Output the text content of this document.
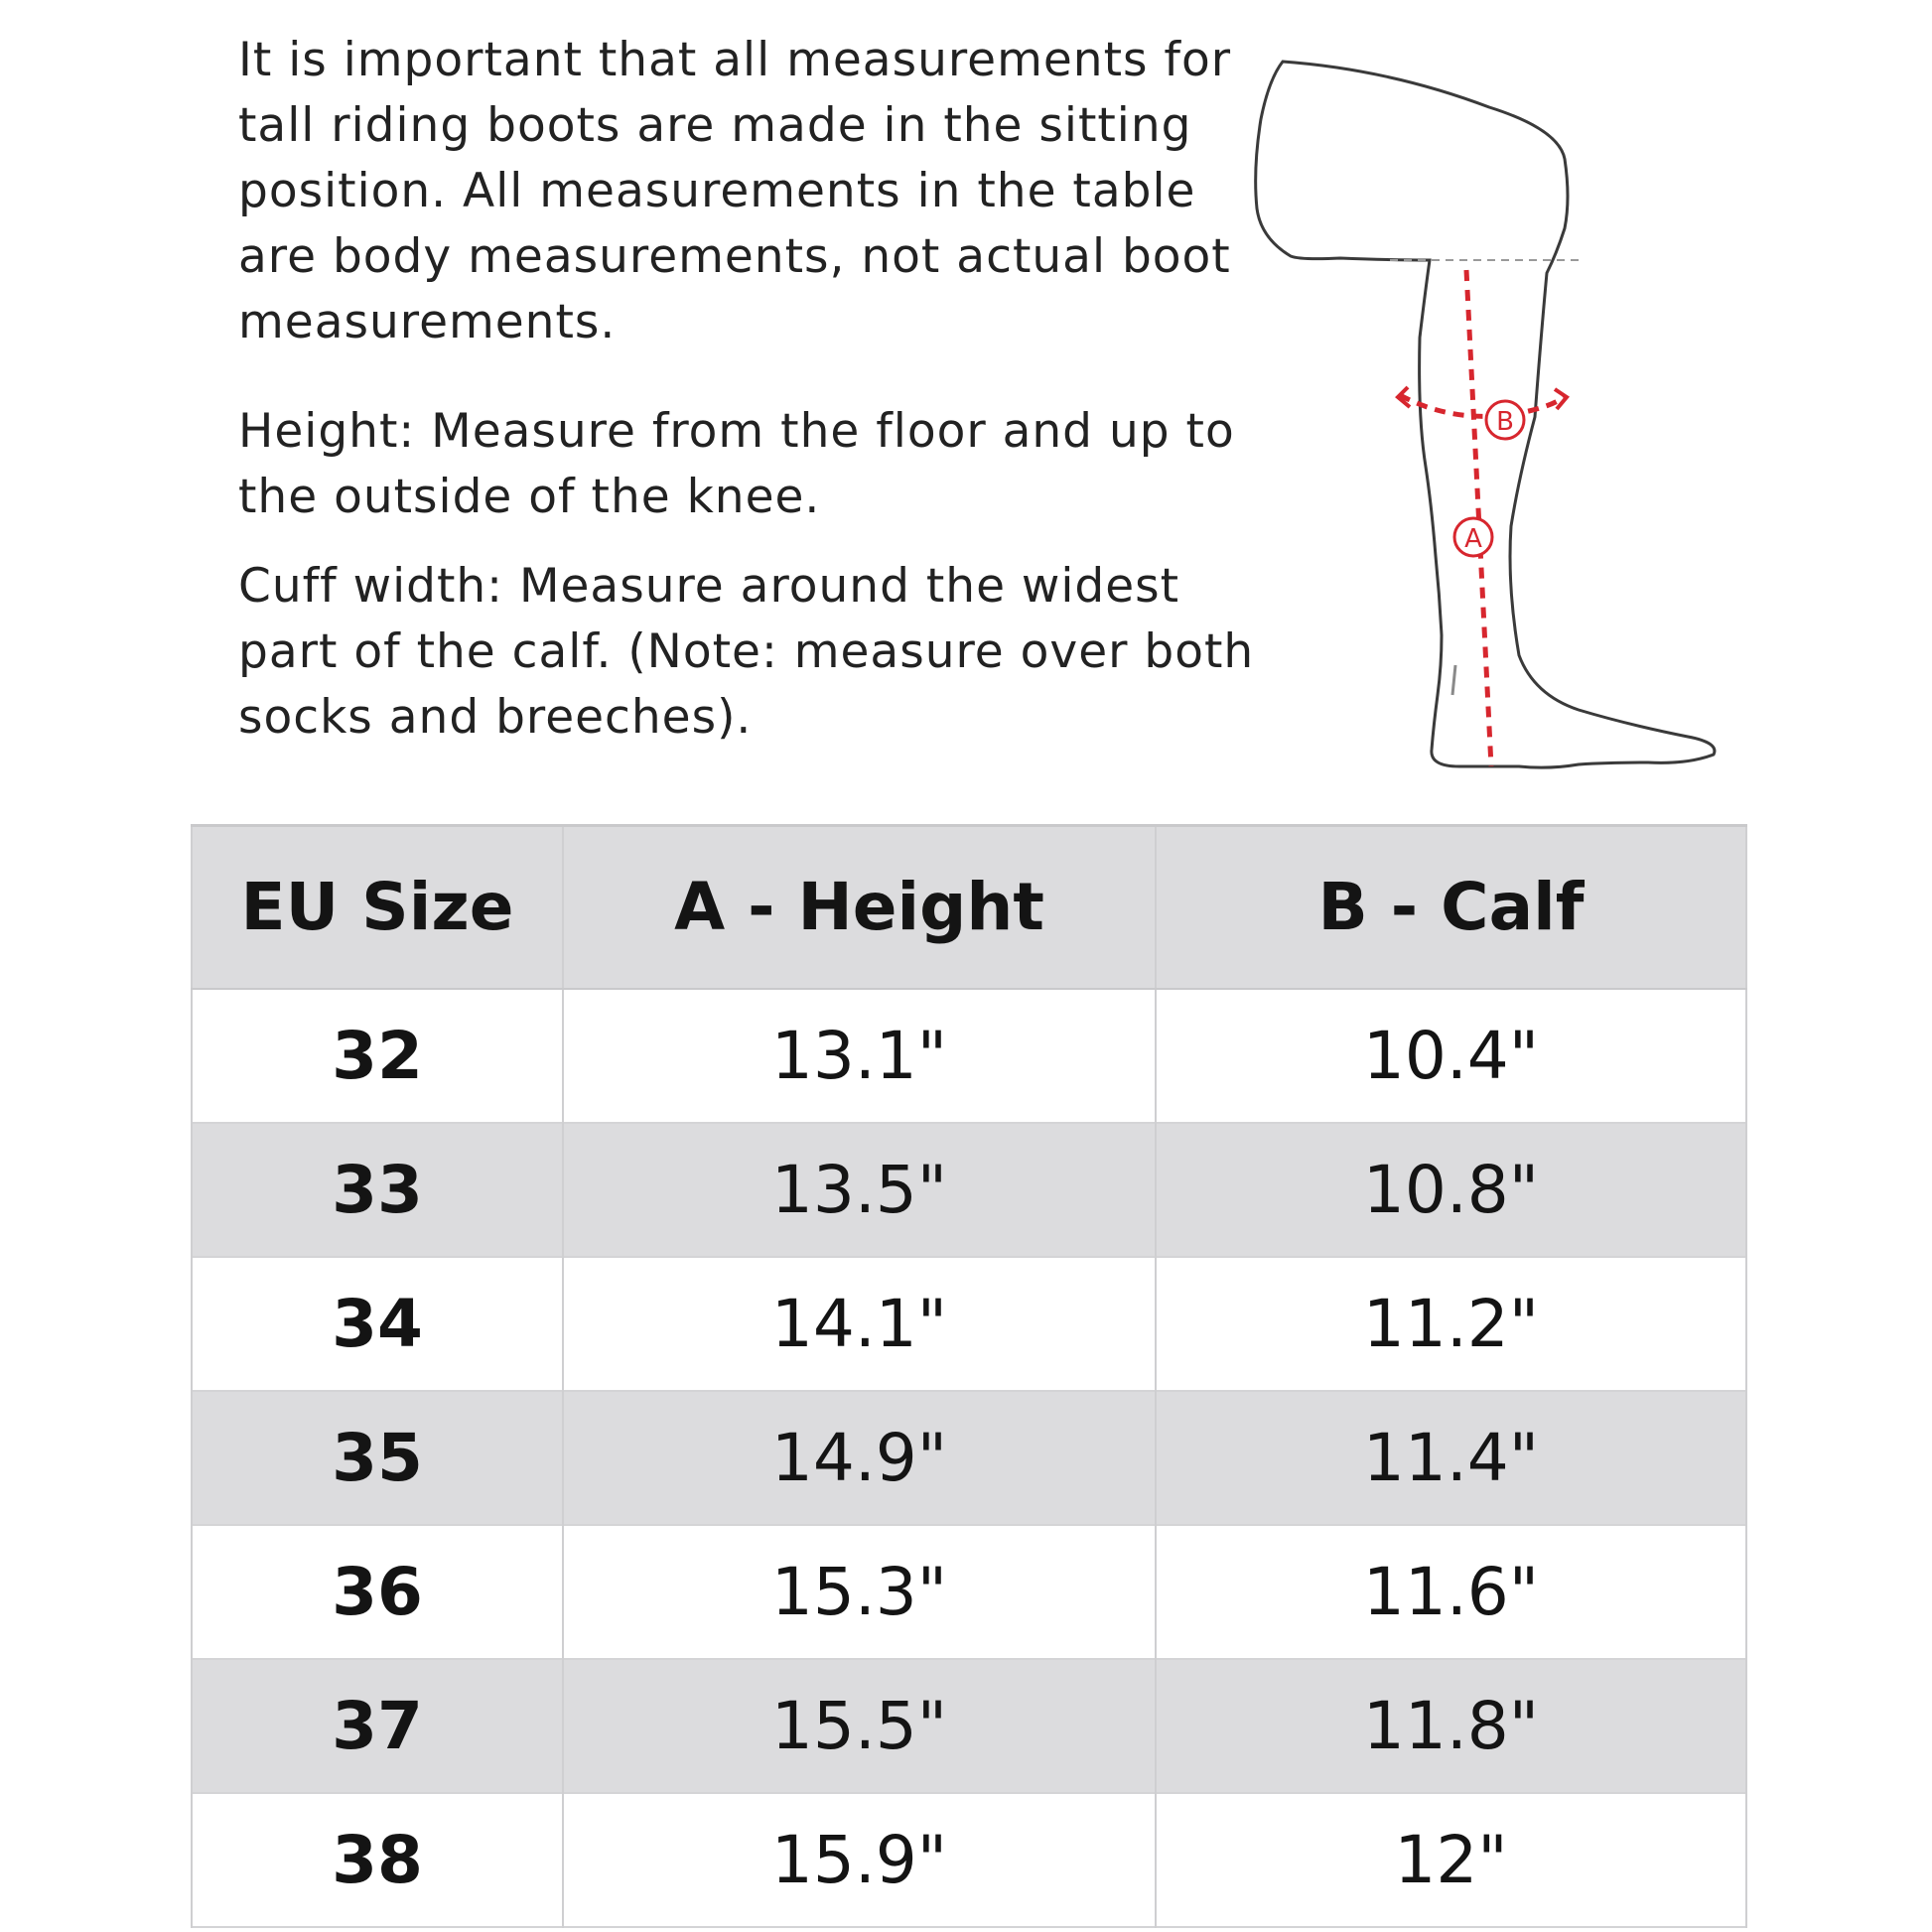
It is important that all measurements for tall riding boots are made in the sitting position. All measurements in the table are body measurements, not actual boot measurements.

Height: Measure from the floor and up to the outside of the knee.

Cuff width: Measure around the widest part of the calf. (Note: measure over both socks and breeches).

B
A
EU Size	A - Height	B - Calf
32	13.1"	10.4"
33	13.5"	10.8"
34	14.1"	11.2"
35	14.9"	11.4"
36	15.3"	11.6"
37	15.5"	11.8"
38	15.9"	12"
